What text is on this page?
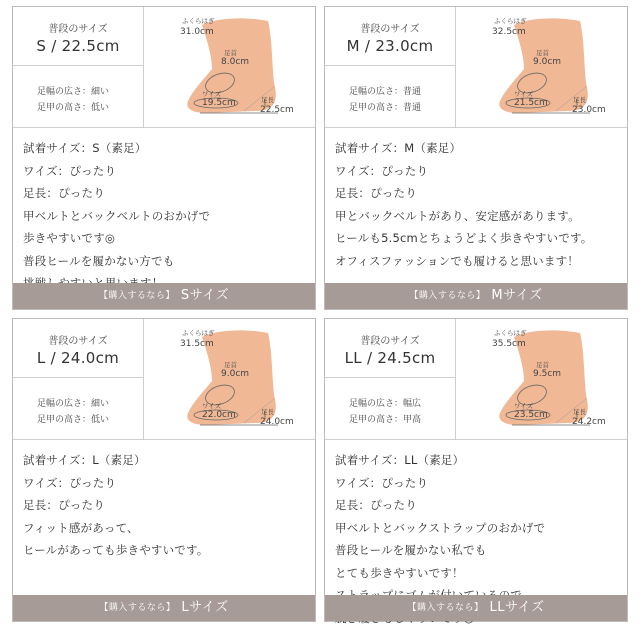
普段のサイズ
S / 22.5cm
足幅の広さ：細い
足甲の高さ：低い
ふくらはぎ
31.0cm
足首
8.0cm
ワイズ
19.5cm	足長
22.5cm
試着サイズ：S（素足）
ワイズ：ぴったり
足長：ぴったり
甲ベルトとバックベルトのおかげで
歩きやすいです◎
普段ヒールを履かない方でも
【購入するなら】 Sサイズ
普段のサイズ
M / 23.0cm
足幅の広さ：普通
足甲の高さ：普通
ふくらはぎ
32.5cm
足首
9.0cm
ワイズ
21.5cm	足長
23.0cm
試着サイズ：M（素足）
ワイズ：ぴったり
足長：ぴったり
甲とバックベルトがあり、安定感があります。
ヒールも5.5cmとちょうどよく歩きやすいです。
オフィスファッションでも履けると思います！
【購入するなら】 Mサイズ
普段のサイズ
L / 24.0cm
足幅の広さ：細い
足甲の高さ：低い
ふくらはぎ
31.5cm
足首
9.0cm
ワイズ
22.0cm	足長
24.0cm
試着サイズ：L（素足）
ワイズ：ぴったり
足長：ぴったり
フィット感があって、
ヒールがあっても歩きやすいです。
【購入するなら】 Lサイズ
普段のサイズ
LL / 24.5cm
足幅の広さ：幅広
足甲の高さ：甲高
ふくらはぎ
35.5cm
足首
9.5cm
ワイズ
23.5cm	足長
24.2cm
試着サイズ：LL（素足）
ワイズ：ぴったり
足長：ぴったり
甲ベルトとバックストラップのおかげで
普段ヒールを履かない私でも
とても歩きやすいです！
【購入するなら】 LLサイズ
